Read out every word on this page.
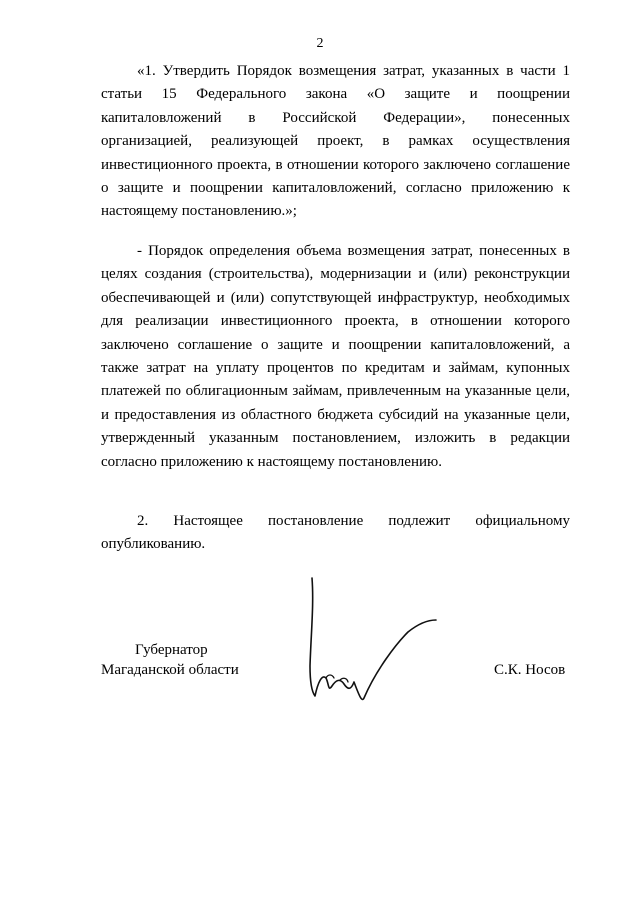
2

«1. Утвердить Порядок возмещения затрат, указанных в части 1 статьи 15 Федерального закона «О защите и поощрении капиталовложений в Российской Федерации», понесенных организацией, реализующей проект, в рамках осуществления инвестиционного проекта, в отношении которого заключено соглашение о защите и поощрении капиталовложений, согласно приложению к настоящему постановлению.»;

- Порядок определения объема возмещения затрат, понесенных в целях создания (строительства), модернизации и (или) реконструкции обеспечивающей и (или) сопутствующей инфраструктур, необходимых для реализации инвестиционного проекта, в отношении которого заключено соглашение о защите и поощрении капиталовложений, а также затрат на уплату процентов по кредитам и займам, купонных платежей по облигационным займам, привлеченным на указанные цели, и предоставления из областного бюджета субсидий на указанные цели, утвержденный указанным постановлением, изложить в редакции согласно приложению к настоящему постановлению.

2. Настоящее постановление подлежит официальному опубликованию.

Губернатор
Магаданской области	С.К. Носов
